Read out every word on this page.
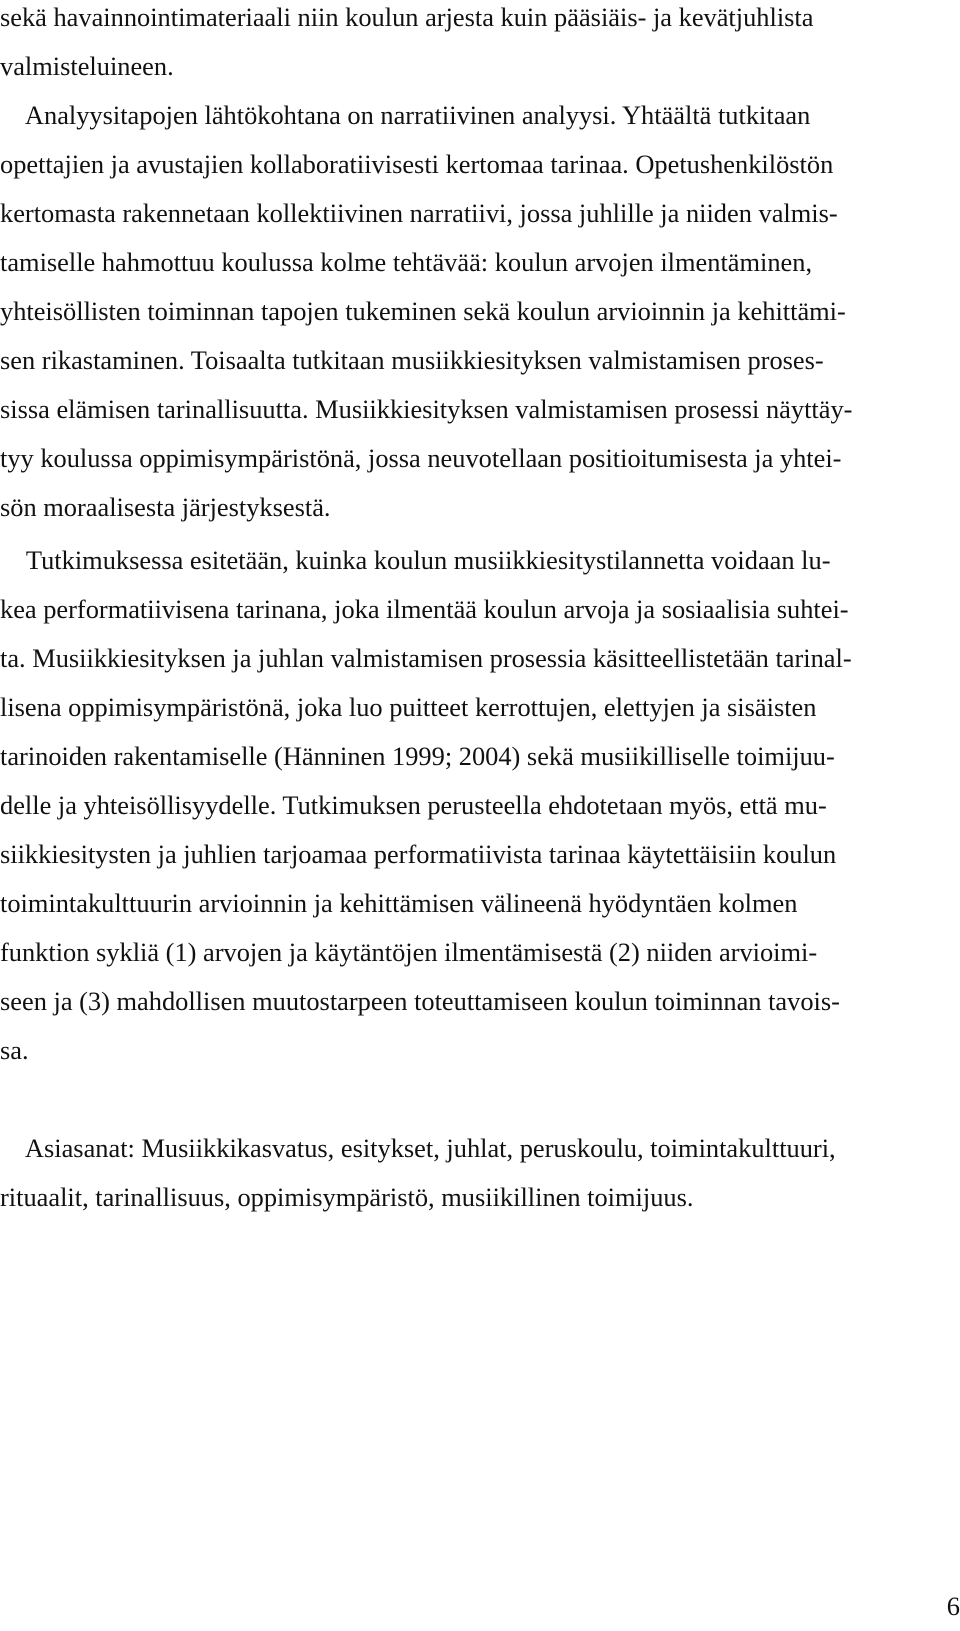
sekä havainnointimateriaali niin koulun arjesta kuin pääsiäis- ja kevätjuhlista
valmisteluineen.
Analyysitapojen lähtökohtana on narratiivinen analyysi. Yhtäältä tutkitaan
opettajien ja avustajien kollaboratiivisesti kertomaa tarinaa. Opetushenkilöstön
kertomasta rakennetaan kollektiivinen narratiivi, jossa juhlille ja niiden valmis-
tamiselle hahmottuu koulussa kolme tehtävää: koulun arvojen ilmentäminen,
yhteisöllisten toiminnan tapojen tukeminen sekä koulun arvioinnin ja kehittämi-
sen rikastaminen. Toisaalta tutkitaan musiikkiesityksen valmistamisen proses-
sissa elämisen tarinallisuutta. Musiikkiesityksen valmistamisen prosessi näyttäy-
tyy koulussa oppimisympäristönä, jossa neuvotellaan positioitumisesta ja yhtei-
sön moraalisesta järjestyksestä.
Tutkimuksessa esitetään, kuinka koulun musiikkiesitystilannetta voidaan lu-
kea performatiivisena tarinana, joka ilmentää koulun arvoja ja sosiaalisia suhtei-
ta. Musiikkiesityksen ja juhlan valmistamisen prosessia käsitteellistetään tarinal-
lisena oppimisympäristönä, joka luo puitteet kerrottujen, elettyjen ja sisäisten
tarinoiden rakentamiselle (Hänninen 1999; 2004) sekä musiikilliselle toimijuu-
delle ja yhteisöllisyydelle. Tutkimuksen perusteella ehdotetaan myös, että mu-
siikkiesitysten ja juhlien tarjoamaa performatiivista tarinaa käytettäisiin koulun
toimintakulttuurin arvioinnin ja kehittämisen välineenä hyödyntäen kolmen
funktion sykliä (1) arvojen ja käytäntöjen ilmentämisestä (2) niiden arvioimi-
seen ja (3) mahdollisen muutostarpeen toteuttamiseen koulun toiminnan tavois-
sa.
Asiasanat: Musiikkikasvatus, esitykset, juhlat, peruskoulu, toimintakulttuuri,
rituaalit, tarinallisuus, oppimisympäristö, musiikillinen toimijuus.
6
